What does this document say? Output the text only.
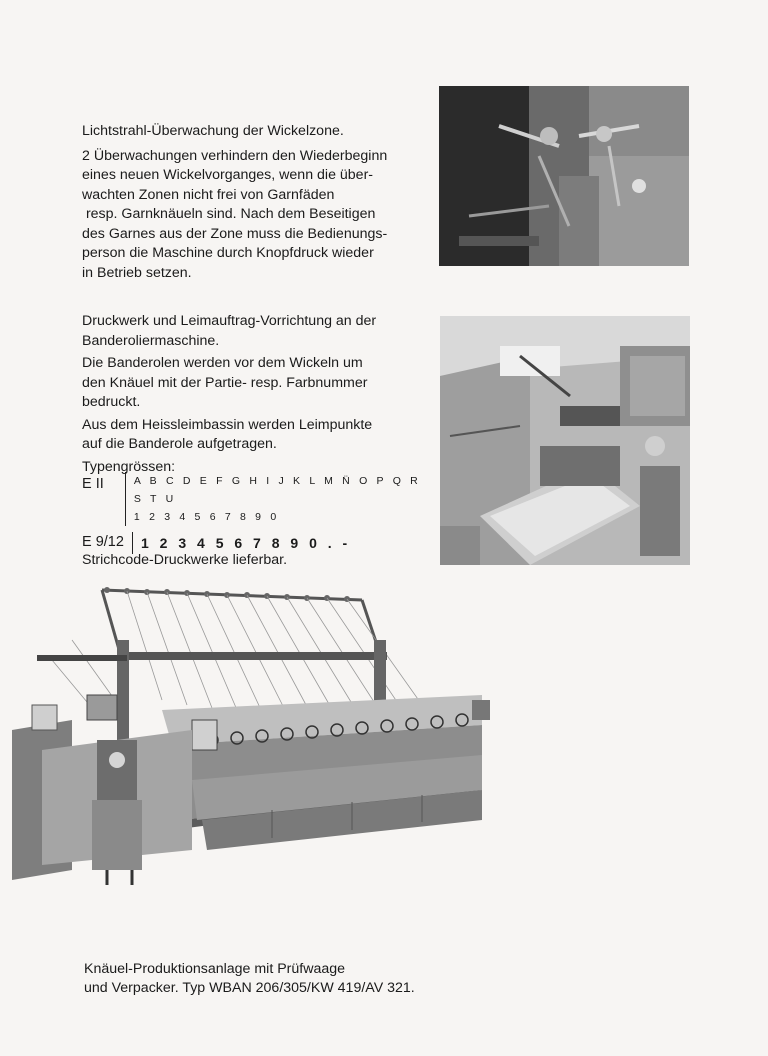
Lichtstrahl-Überwachung der Wickelzone.

2 Überwachungen verhindern den Wiederbeginn
eines neuen Wickelvorganges, wenn die über-
wachten Zonen nicht frei von Garnfäden
resp. Garnknäueln sind. Nach dem Beseitigen
des Garnes aus der Zone muss die Bedienungs-
person die Maschine durch Knopfdruck wieder
in Betrieb setzen.
Druckwerk und Leimauftrag-Vorrichtung an der
Banderoliermaschine.
Die Banderolen werden vor dem Wickeln um
den Knäuel mit der Partie- resp. Farbnummer
bedruckt.
Aus dem Heissleimbassin werden Leimpunkte
auf die Banderole aufgetragen.
Typengrössen:
E II	A B C D E F G H I J K L M N̈ O P Q R S T U
1 2 3 4 5 6 7 8 9 0
E 9/12	1 2 3 4 5 6 7 8 9 0 . -
Strichcode-Druckwerke lieferbar.
Knäuel-Produktionsanlage mit Prüfwaage
und Verpacker. Typ WBAN 206/305/KW 419/AV 321.
